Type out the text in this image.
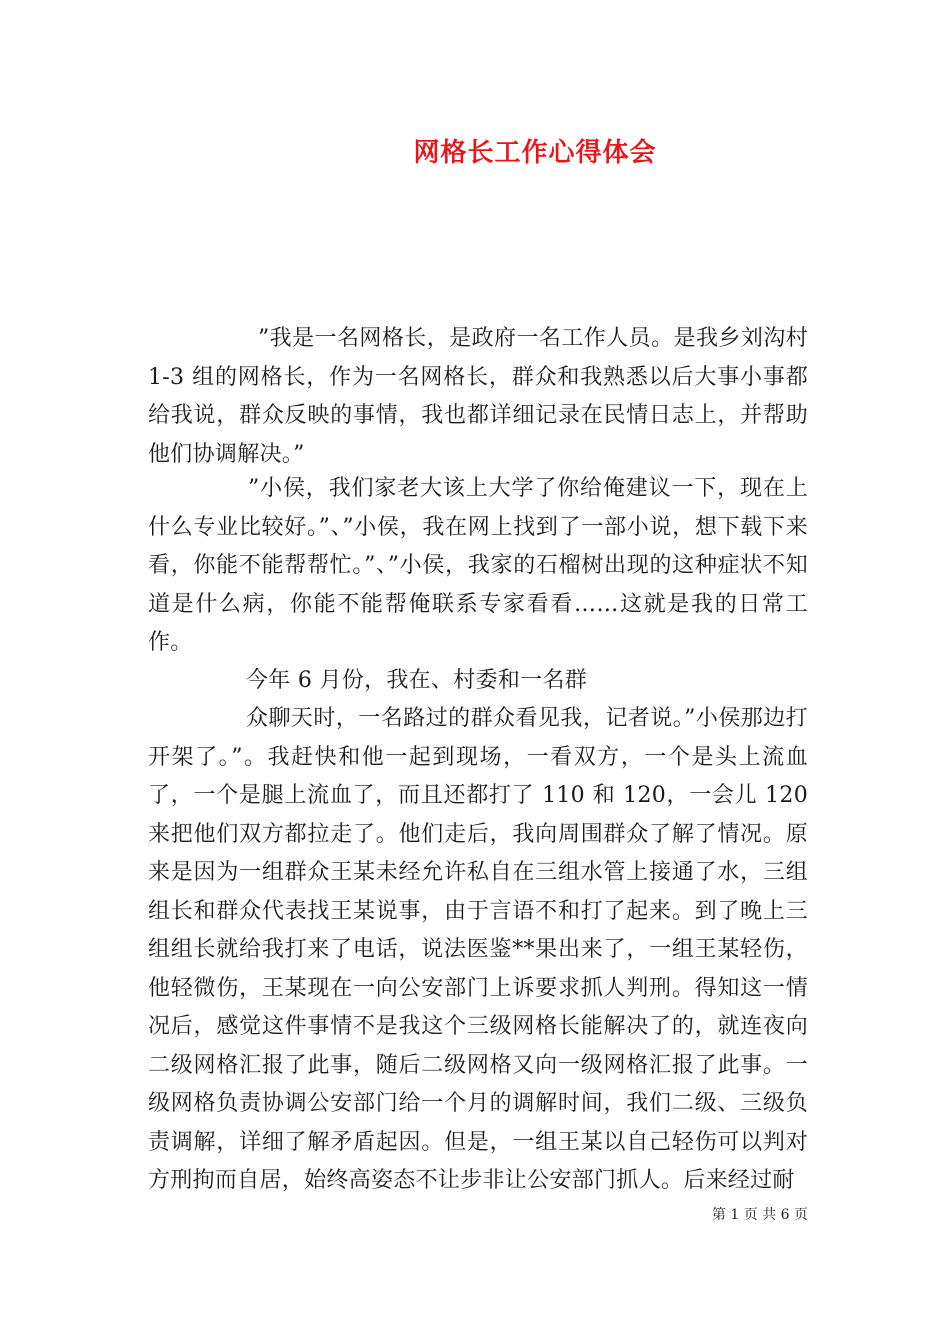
网格长工作心得体会

”我是一名网格长，是政府一名工作人员。是我乡刘沟村 1-3 组的网格长，作为一名网格长，群众和我熟悉以后大事小事都给我说，群众反映的事情，我也都详细记录在民情日志上，并帮助他们协调解决。”

”小侯，我们家老大该上大学了你给俺建议一下，现在上什么专业比较好。”、”小侯，我在网上找到了一部小说，想下载下来看，你能不能帮帮忙。”、”小侯，我家的石榴树出现的这种症状不知道是什么病，你能不能帮俺联系专家看看……这就是我的日常工作。

今年 6 月份，我在、村委和一名群

众聊天时，一名路过的群众看见我，记者说。”小侯那边打开架了。”。我赶快和他一起到现场，一看双方，一个是头上流血了，一个是腿上流血了，而且还都打了 110 和 120，一会儿 120 来把他们双方都拉走了。他们走后，我向周围群众了解了情况。原来是因为一组群众王某未经允许私自在三组水管上接通了水，三组组长和群众代表找王某说事，由于言语不和打了起来。到了晚上三组组长就给我打来了电话，说法医鉴**果出来了，一组王某轻伤，他轻微伤，王某现在一向公安部门上诉要求抓人判刑。得知这一情况后，感觉这件事情不是我这个三级网格长能解决了的，就连夜向二级网格汇报了此事，随后二级网格又向一级网格汇报了此事。一级网格负责协调公安部门给一个月的调解时间，我们二级、三级负责调解，详细了解矛盾起因。但是，一组王某以自己轻伤可以判对方刑拘而自居，始终高姿态不让步非让公安部门抓人。后来经过耐

第 1 页 共 6 页
